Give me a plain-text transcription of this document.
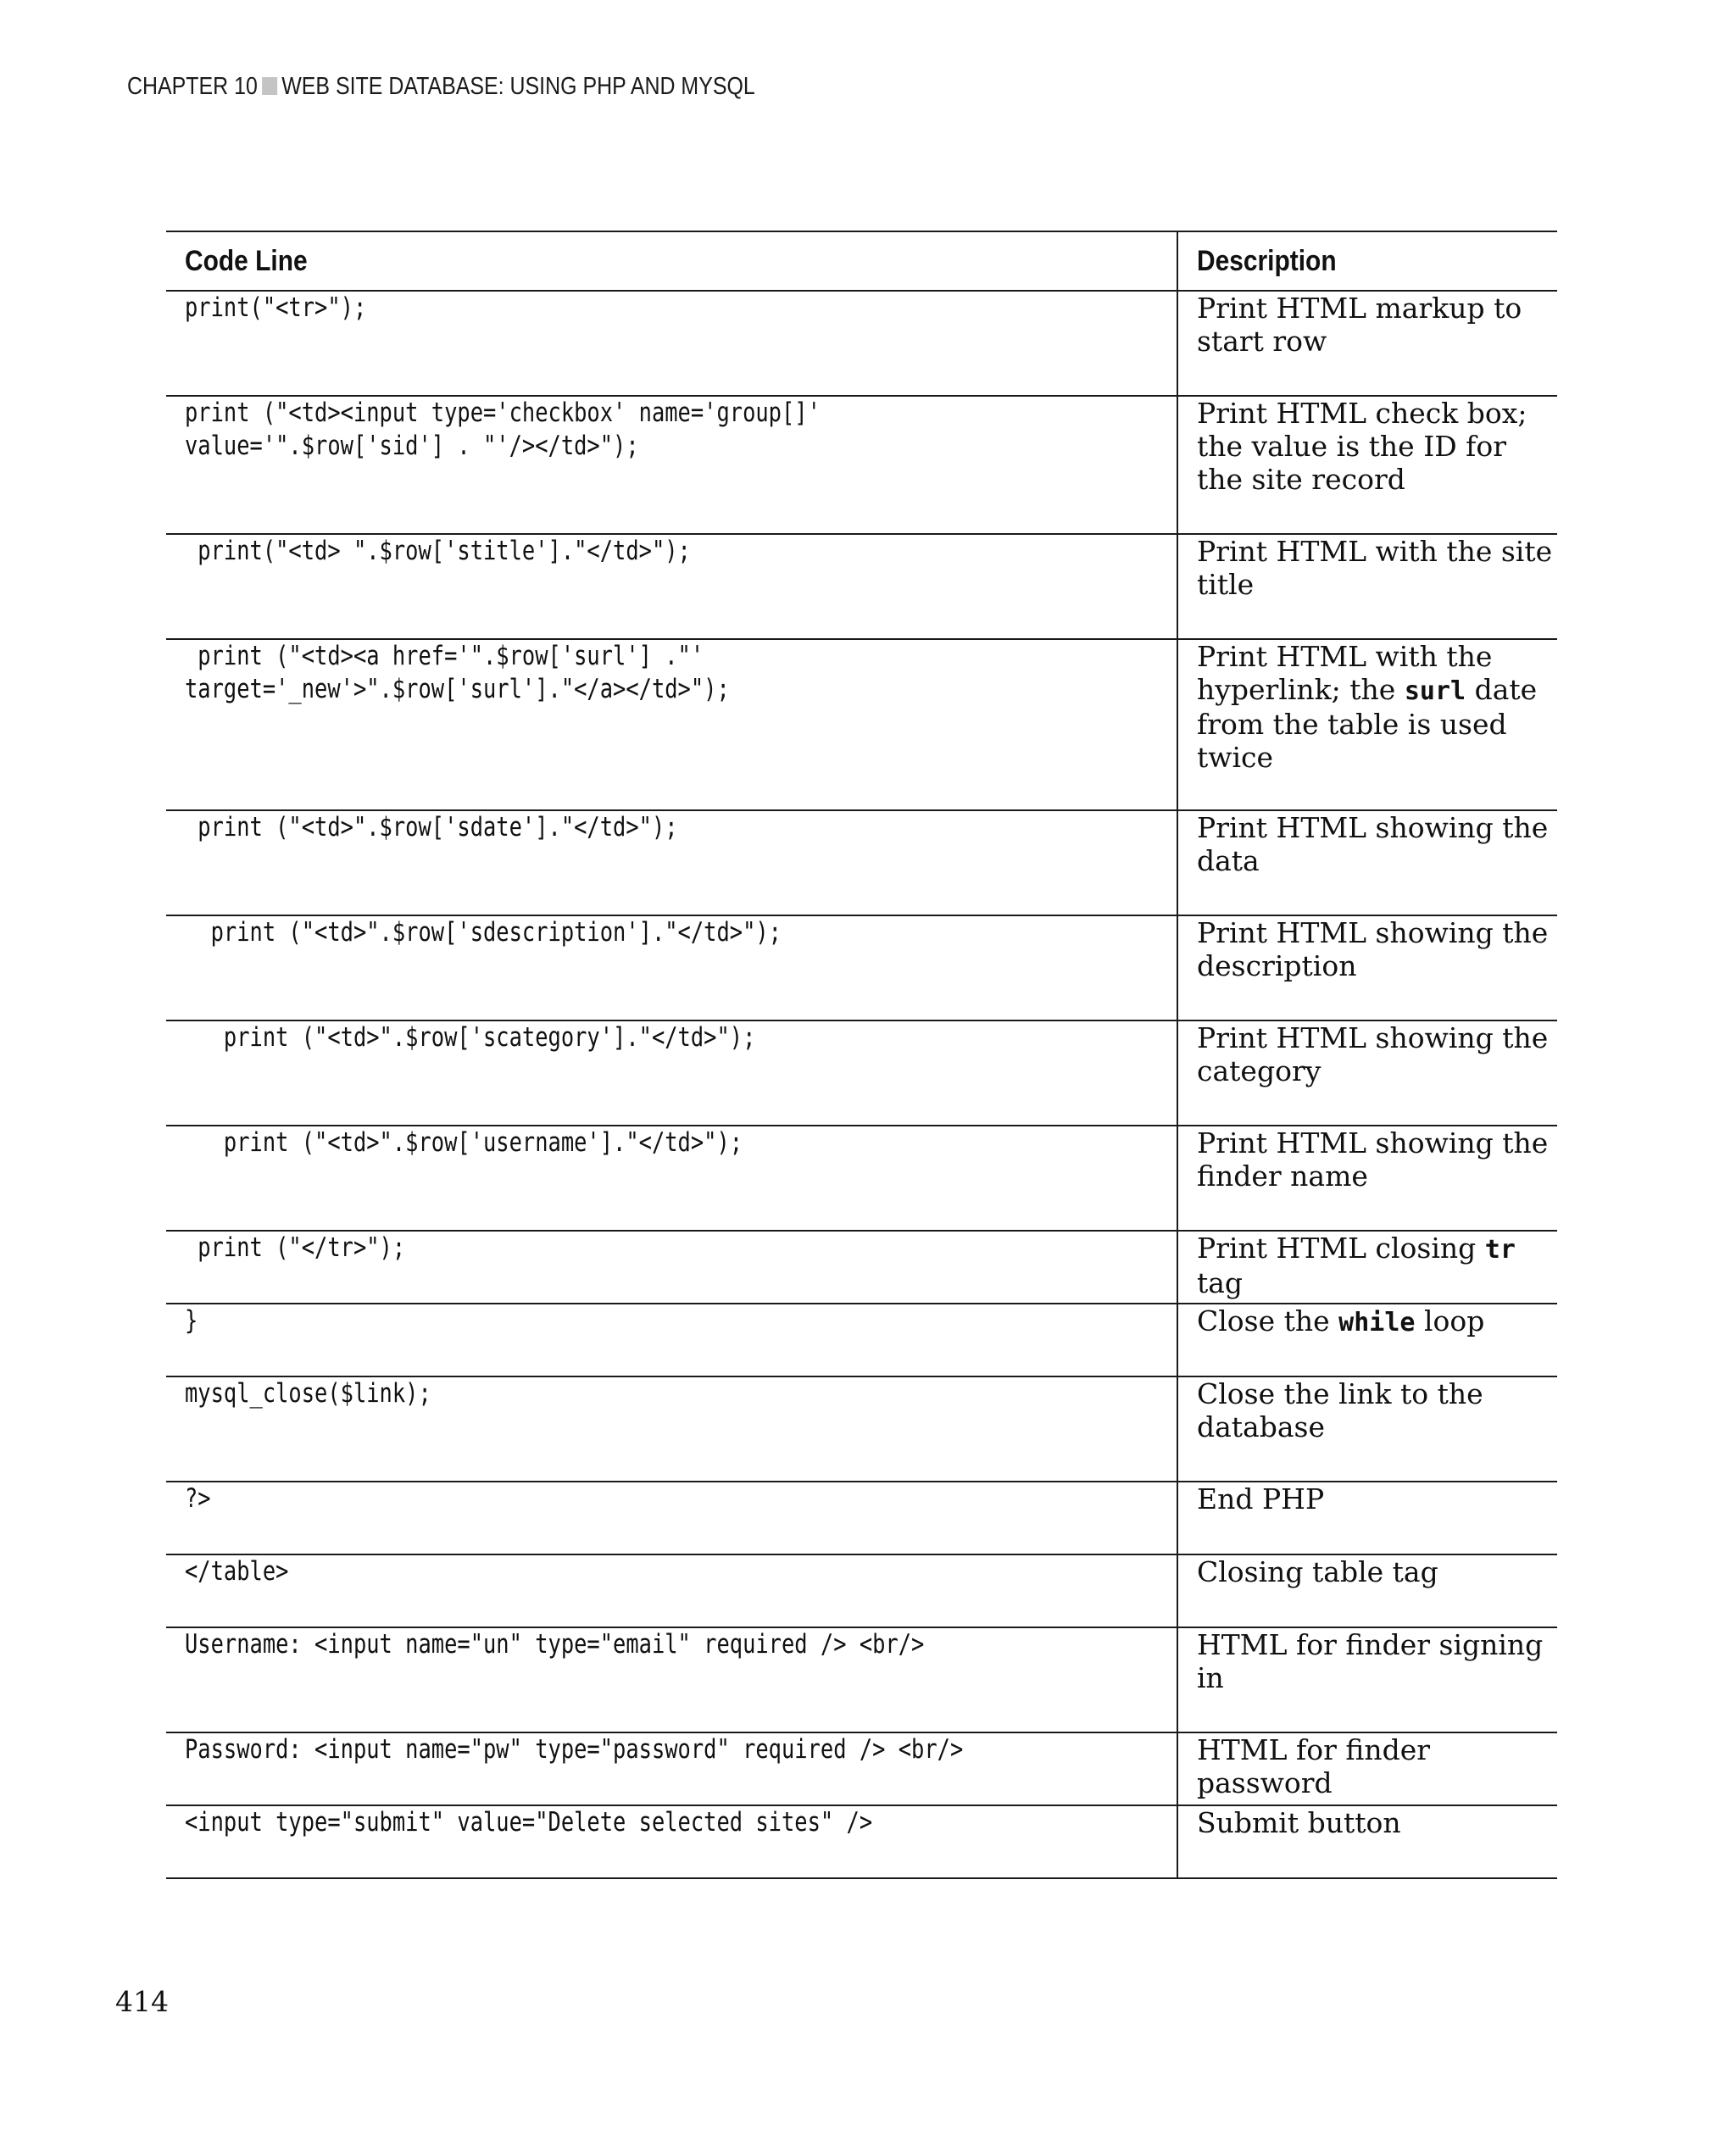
CHAPTER 10 WEB SITE DATABASE: USING PHP AND MYSQL
Code Line	Description
print("<tr>");	Print HTML markup to start row
print ("<td><input type='checkbox' name='group[]'
value='".$row['sid'] . "'/></td>");	Print HTML check box; the value is the ID for the site record
print("<td> ".$row['stitle']."</td>");	Print HTML with the site title
print ("<td><a href='".$row['surl'] ."'
target='_new'>".$row['surl']."</a></td>");	Print HTML with the hyperlink; the surl date from the table is used twice
print ("<td>".$row['sdate']."</td>");	Print HTML showing the data
print ("<td>".$row['sdescription']."</td>");	Print HTML showing the description
print ("<td>".$row['scategory']."</td>");	Print HTML showing the category
print ("<td>".$row['username']."</td>");	Print HTML showing the finder name
print ("</tr>");	Print HTML closing tr tag
}	Close the while loop
mysql_close($link);	Close the link to the database
?>	End PHP
</table>	Closing table tag
Username: <input name="un" type="email" required /> <br/>	HTML for finder signing in
Password: <input name="pw" type="password" required /> <br/>	HTML for finder password
<input type="submit" value="Delete selected sites" />	Submit button
414
